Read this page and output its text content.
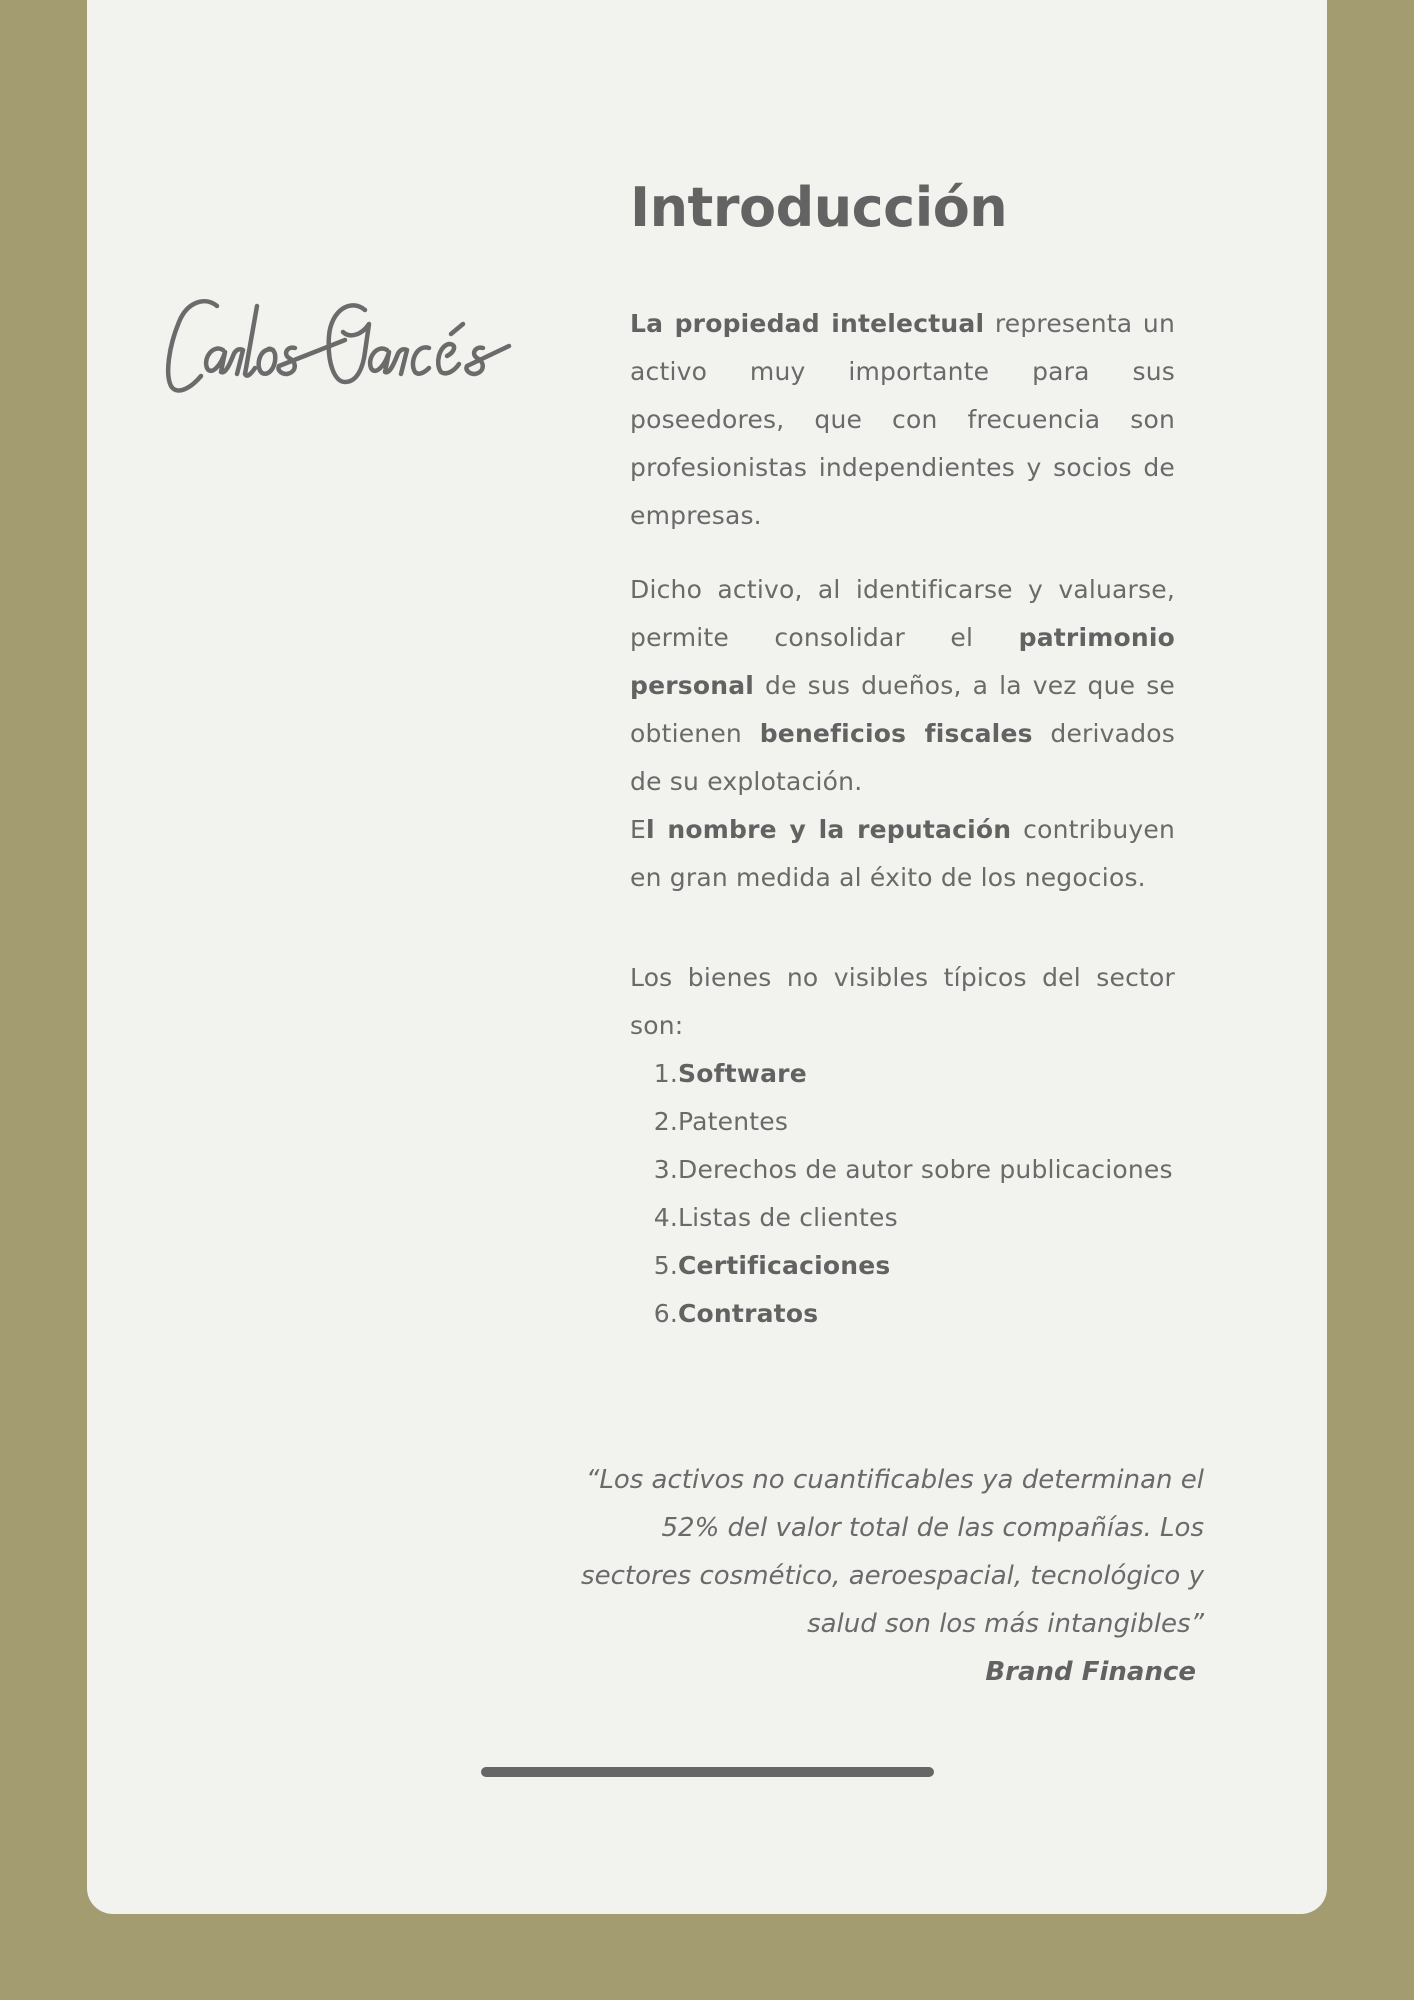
Introducción

La propiedad intelectual representa un activo muy importante para sus poseedores, que con frecuencia son profesionistas independientes y socios de empresas.

Dicho activo, al identificarse y valuarse, permite consolidar el patrimonio personal de sus dueños, a la vez que se obtienen beneficios fiscales derivados de su explotación.

El nombre y la reputación contribuyen en gran medida al éxito de los negocios.

Los bienes no visibles típicos del sector son:

1. Software
2. Patentes
3. Derechos de autor sobre publicaciones
4. Listas de clientes
5. Certificaciones
6. Contratos

“Los activos no cuantificables ya determinan el 52% del valor total de las compañías. Los sectores cosmético, aeroespacial, tecnológico y salud son los más intangibles”

Brand Finance
